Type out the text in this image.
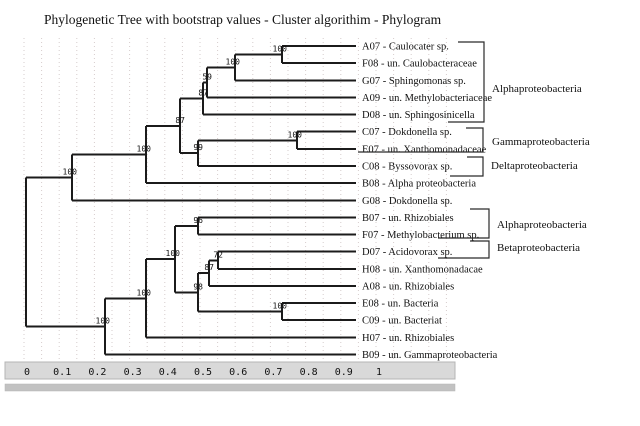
Phylogenetic Tree with bootstrap values - Cluster algorithim - Phylogram
0 0.1 0.2 0.3 0.4 0.5 0.6 0.7 0.8 0.9 1
A07 - Caulocater sp.
F08 - un. Caulobacteraceae
100
G07 - Sphingomonas sp.
100
A09 - un. Methylobacteriaceae
59
D08 - un. Sphingosinicella
87
C07 - Dokdonella sp.
E07 - un. Xanthomonadaceae
100
C08 - Byssovorax sp.
99
87
B08 - Alpha proteobacteria
100
G08 - Dokdonella sp.
100
B07 - un. Rhizobiales
F07 - Methylobacterium sp.
96
D07 - Acidovorax sp.
H08 - un. Xanthomonadacae
72
A08 - un. Rhizobiales
87
E08 - un. Bacteria
C09 - un. Bacteriat
100
98
100
H07 - un. Rhizobiales
100
B09 - un. Gammaproteobacteria
100
Alphaproteobacteria
Gammaproteobacteria
Deltaproteobacteria
Alphaproteobacteria
Betaproteobacteria
